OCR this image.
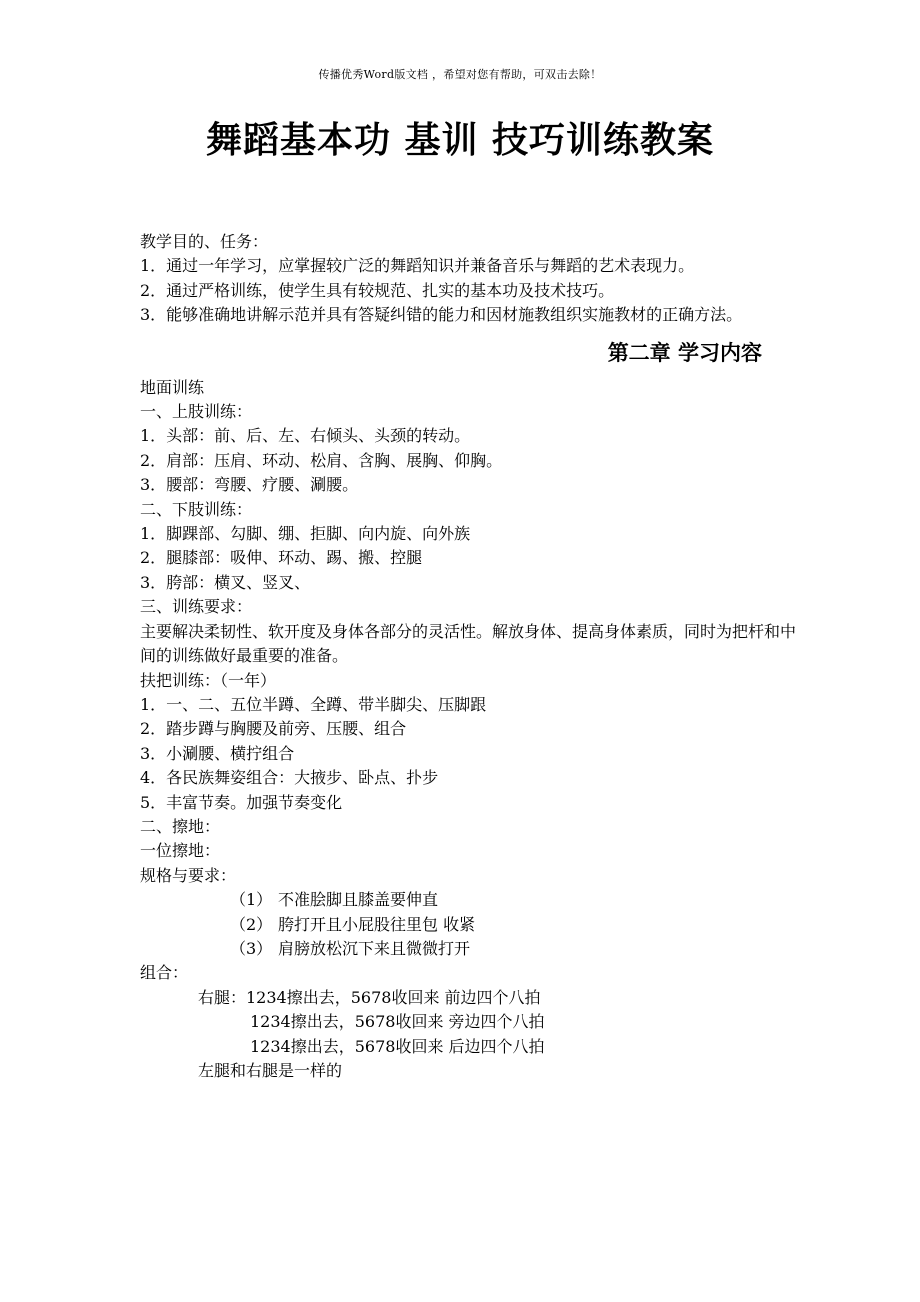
传播优秀Word版文档 ，希望对您有帮助，可双击去除！
舞蹈基本功 基训 技巧训练教案

教学目的、任务：

1．通过一年学习，应掌握较广泛的舞蹈知识并兼备音乐与舞蹈的艺术表现力。

2．通过严格训练，使学生具有较规范、扎实的基本功及技术技巧。

3．能够准确地讲解示范并具有答疑纠错的能力和因材施教组织实施教材的正确方法。

第二章 学习内容

地面训练

一、上肢训练：

1．头部：前、后、左、右倾头、头颈的转动。

2．肩部：压肩、环动、松肩、含胸、展胸、仰胸。

3．腰部：弯腰、疗腰、涮腰。

二、下肢训练：

1．脚踝部、勾脚、绷、拒脚、向内旋、向外族

2．腿膝部：吸伸、环动、踢、搬、控腿

3．胯部：横叉、竖叉、

三、训练要求：

主要解决柔韧性、软开度及身体各部分的灵活性。解放身体、提高身体素质，同时为把杆和中间的训练做好最重要的准备。

扶把训练：（一年）

1．一、二、五位半蹲、全蹲、带半脚尖、压脚跟

2．踏步蹲与胸腰及前旁、压腰、组合

3．小涮腰、横拧组合

4．各民族舞姿组合：大掖步、卧点、扑步

5．丰富节奏。加强节奏变化

二、擦地：

一位擦地：

规格与要求：

（1） 不准脍脚且膝盖要伸直

（2） 胯打开且小屁股往里包 收紧

（3） 肩膀放松沉下来且微微打开

组合：

右腿：1234擦出去，5678收回来 前边四个八拍

1234擦出去，5678收回来 旁边四个八拍

1234擦出去，5678收回来 后边四个八拍

左腿和右腿是一样的
